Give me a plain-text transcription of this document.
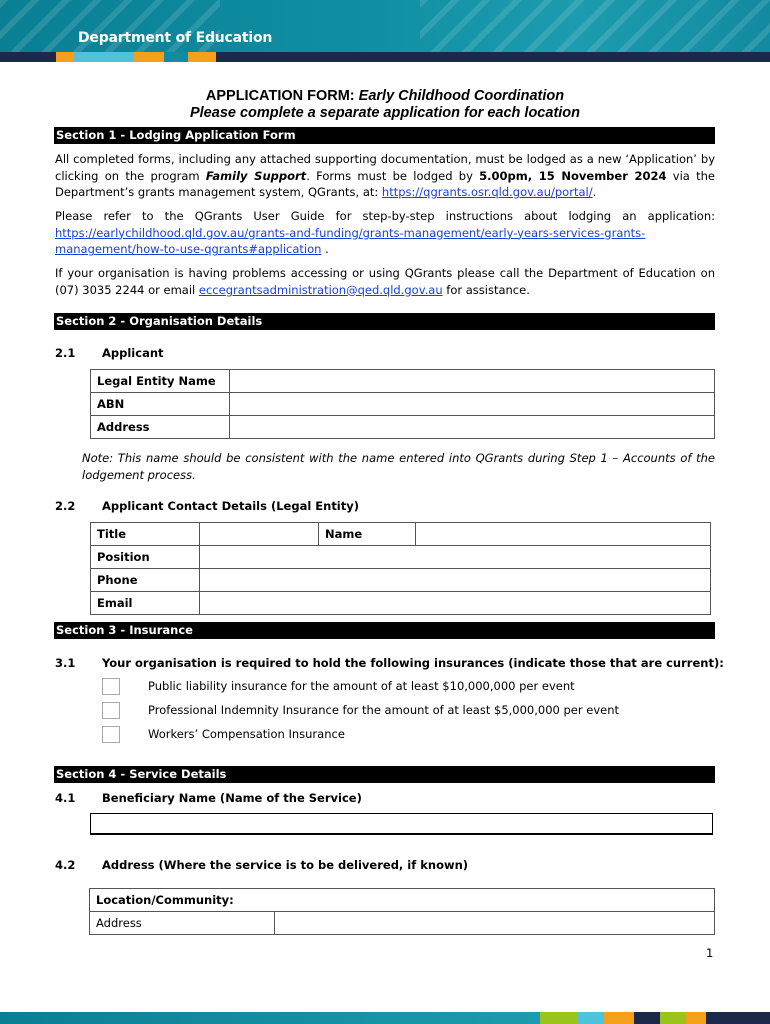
Department of Education
APPLICATION FORM: Early Childhood Coordination
Please complete a separate application for each location
Section 1 - Lodging Application Form
All completed forms, including any attached supporting documentation, must be lodged as a new ‘Application’ by clicking on the program Family Support. Forms must be lodged by 5.00pm, 15 November 2024 via the Department’s grants management system, QGrants, at: https://qgrants.osr.qld.gov.au/portal/.
Please refer to the QGrants User Guide for step-by-step instructions about lodging an application: https://earlychildhood.qld.gov.au/grants-and-funding/grants-management/early-years-services-grants-management/how-to-use-qgrants#application .
If your organisation is having problems accessing or using QGrants please call the Department of Education on (07) 3035 2244 or email eccegrantsadministration@qed.qld.gov.au for assistance.
Section 2 - Organisation Details
2.1 Applicant
Legal Entity Name	
ABN	
Address	
Note: This name should be consistent with the name entered into QGrants during Step 1 – Accounts of the lodgement process.
2.2 Applicant Contact Details (Legal Entity)
Title		Name	
Position			
Phone			
Email			
Section 3 - Insurance
3.1 Your organisation is required to hold the following insurances (indicate those that are current):
Public liability insurance for the amount of at least $10,000,000 per event
Professional Indemnity Insurance for the amount of at least $5,000,000 per event
Workers’ Compensation Insurance
Section 4 - Service Details
4.1 Beneficiary Name (Name of the Service)
4.2 Address (Where the service is to be delivered, if known)
Location/Community:
Address	
1
